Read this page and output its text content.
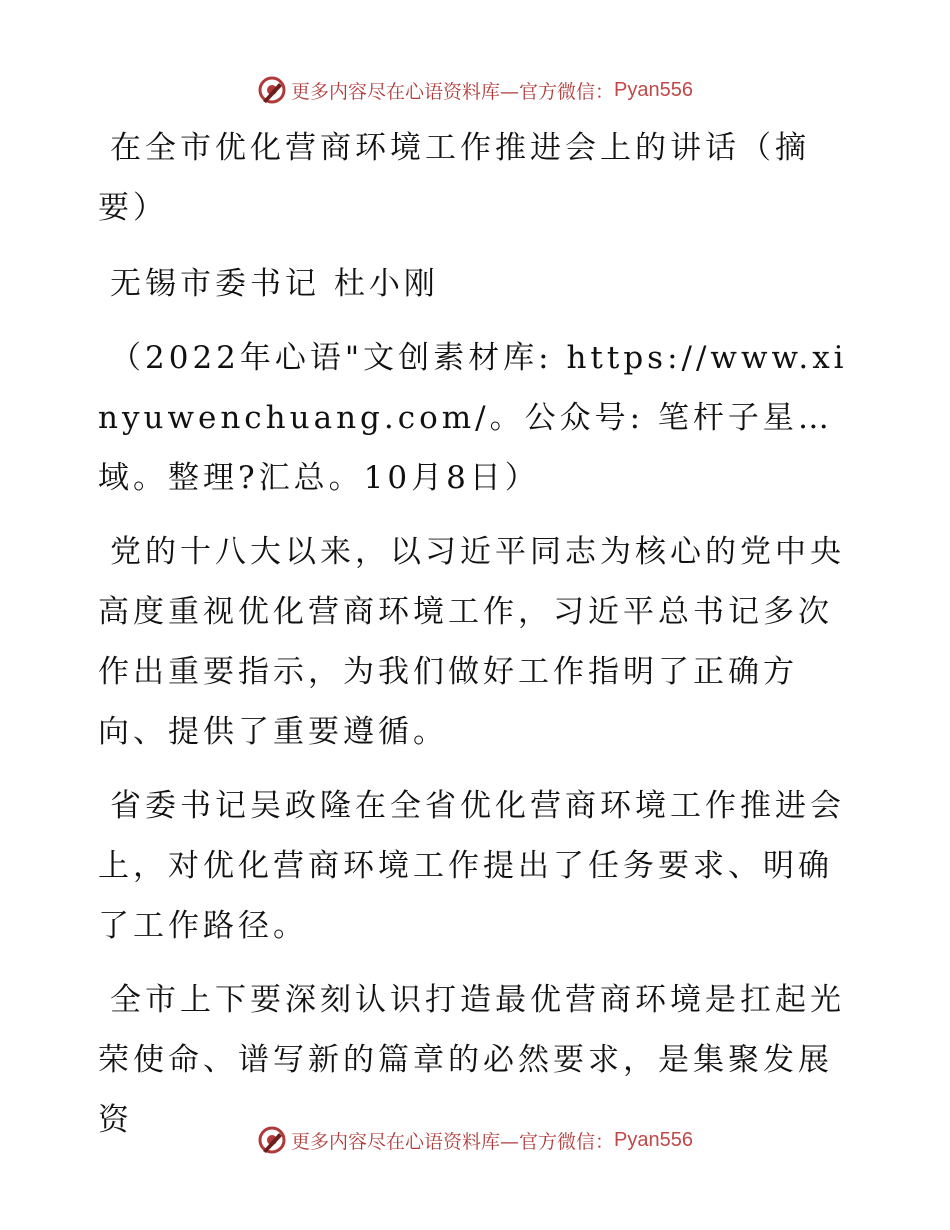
更多内容尽在心语资料库—官方微信： Pyan556

在全市优化营商环境工作推进会上的讲话（摘要）

无锡市委书记 杜小刚

（2022年心语"文创素材库: https://www.xinyuwenchuang.com/。公众号: 笔杆子星…域。整理?汇总。10月8日）

党的十八大以来，以习近平同志为核心的党中央高度重视优化营商环境工作，习近平总书记多次作出重要指示，为我们做好工作指明了正确方向、提供了重要遵循。

省委书记吴政隆在全省优化营商环境工作推进会上，对优化营商环境工作提出了任务要求、明确了工作路径。

全市上下要深刻认识打造最优营商环境是扛起光荣使命、谱写新的篇章的必然要求，是集聚发展资

更多内容尽在心语资料库—官方微信： Pyan556
